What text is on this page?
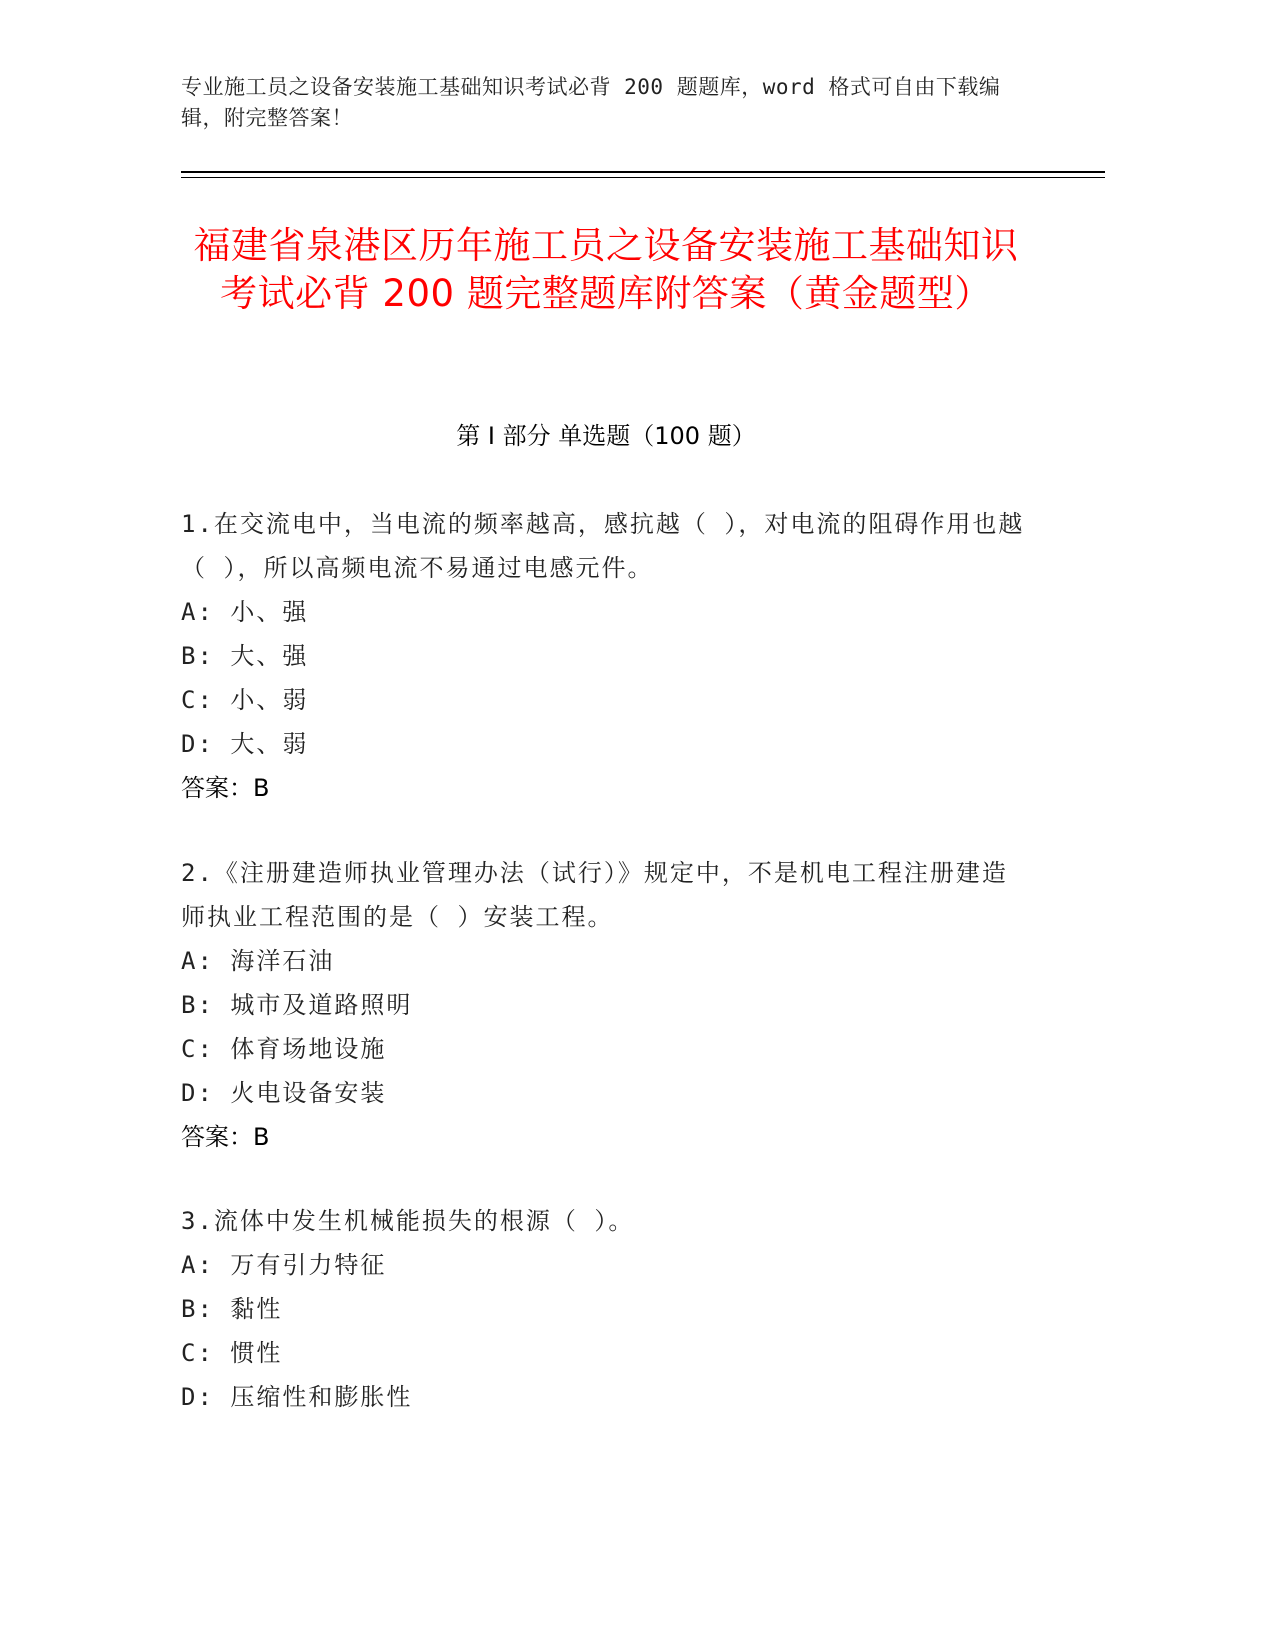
专业施工员之设备安装施工基础知识考试必背 200 题题库，word 格式可自由下载编辑，附完整答案！
福建省泉港区历年施工员之设备安装施工基础知识考试必背 200 题完整题库附答案（黄金题型）
第 I 部分 单选题（100 题）
1.在交流电中，当电流的频率越高，感抗越（ ），对电流的阻碍作用也越（ ），所以高频电流不易通过电感元件。
A: 小、强
B: 大、强
C: 小、弱
D: 大、弱
答案：B
2.《注册建造师执业管理办法（试行）》规定中，不是机电工程注册建造师执业工程范围的是（ ）安装工程。
A: 海洋石油
B: 城市及道路照明
C: 体育场地设施
D: 火电设备安装
答案：B
3.流体中发生机械能损失的根源（ ）。
A: 万有引力特征
B: 黏性
C: 惯性
D: 压缩性和膨胀性
